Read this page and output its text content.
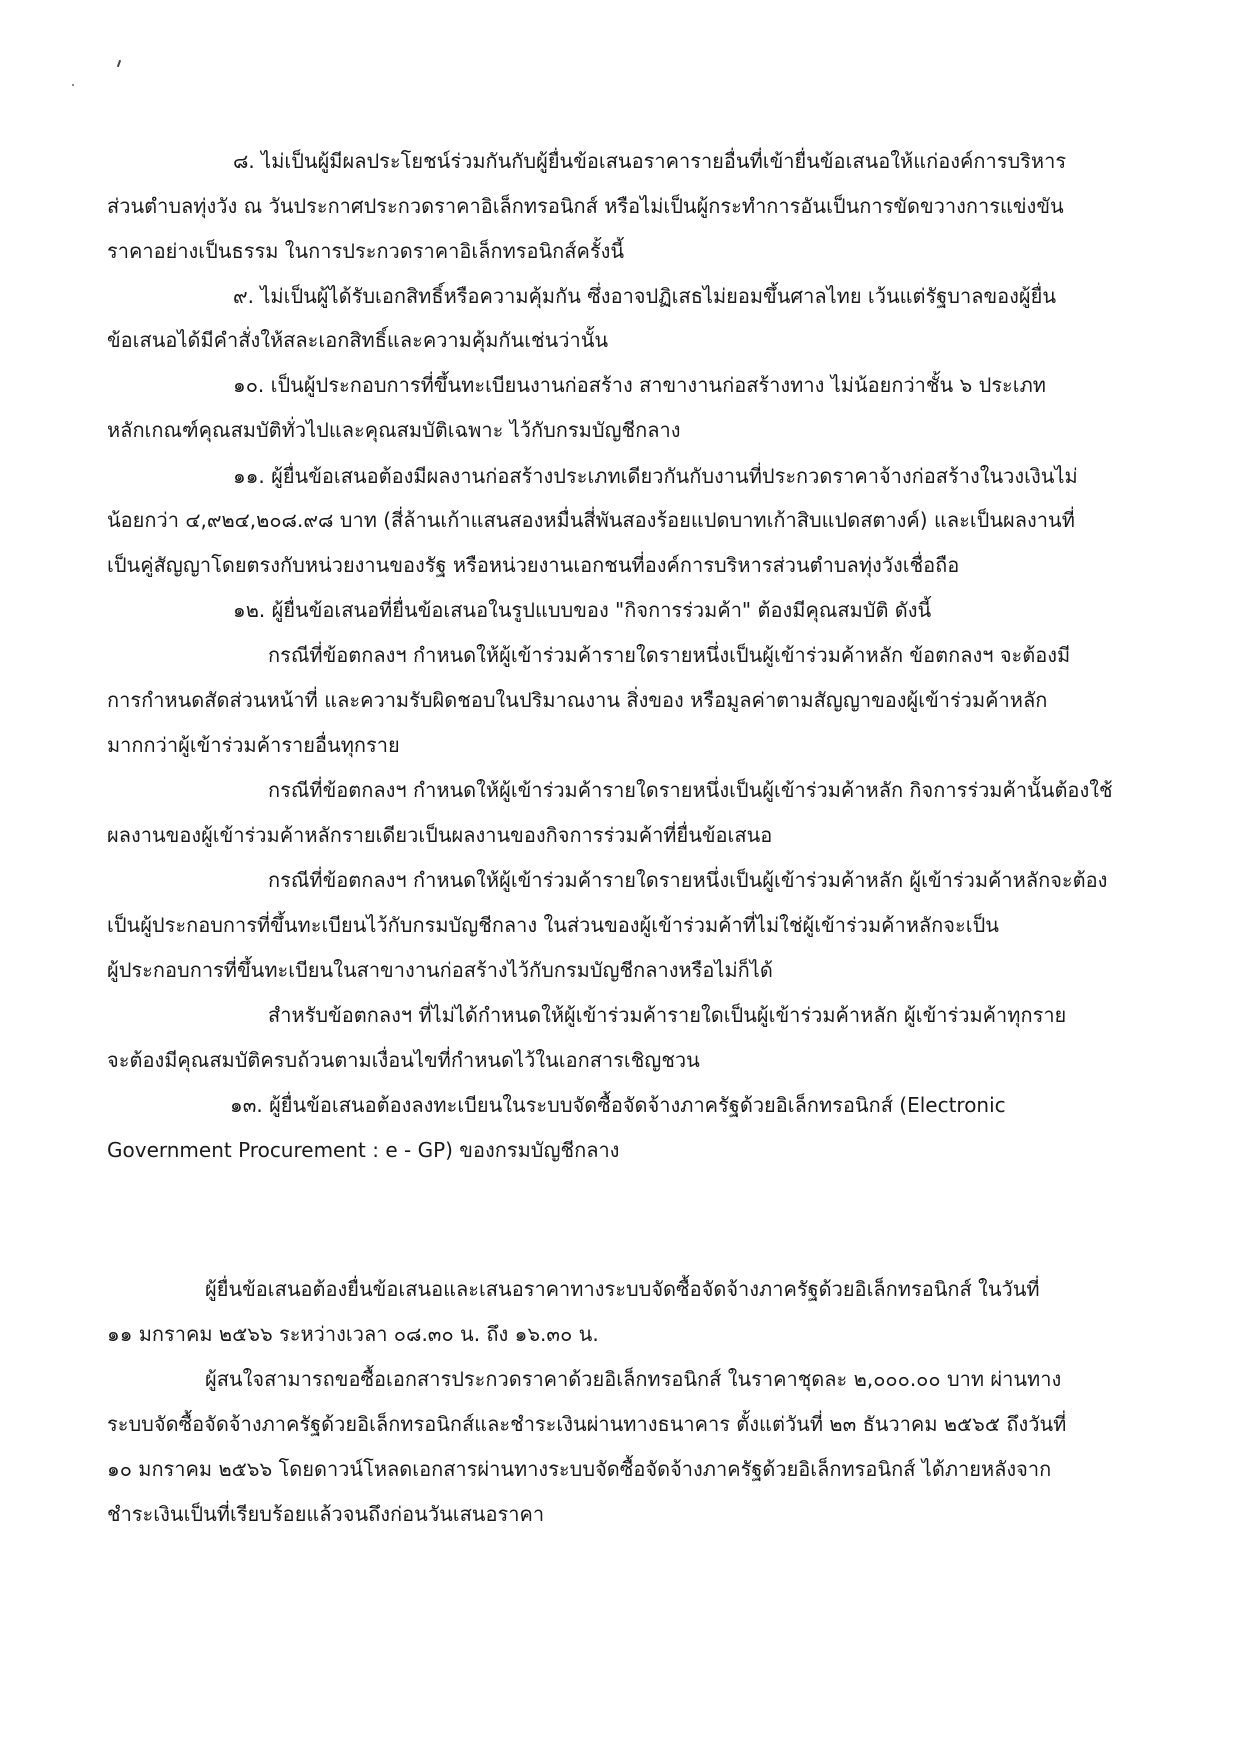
๘. ไม่เป็นผู้มีผลประโยชน์ร่วมกันกับผู้ยื่นข้อเสนอราคารายอื่นที่เข้ายื่นข้อเสนอให้แก่องค์การบริหาร
ส่วนตำบลทุ่งวัง ณ วันประกาศประกวดราคาอิเล็กทรอนิกส์ หรือไม่เป็นผู้กระทำการอันเป็นการขัดขวางการแข่งขัน
ราคาอย่างเป็นธรรม ในการประกวดราคาอิเล็กทรอนิกส์ครั้งนี้
๙. ไม่เป็นผู้ได้รับเอกสิทธิ์หรือความคุ้มกัน ซึ่งอาจปฏิเสธไม่ยอมขึ้นศาลไทย เว้นแต่รัฐบาลของผู้ยื่น
ข้อเสนอได้มีคำสั่งให้สละเอกสิทธิ์และความคุ้มกันเช่นว่านั้น
๑๐. เป็นผู้ประกอบการที่ขึ้นทะเบียนงานก่อสร้าง สาขางานก่อสร้างทาง ไม่น้อยกว่าชั้น ๖ ประเภท
หลักเกณฑ์คุณสมบัติทั่วไปและคุณสมบัติเฉพาะ ไว้กับกรมบัญชีกลาง
๑๑. ผู้ยื่นข้อเสนอต้องมีผลงานก่อสร้างประเภทเดียวกันกับงานที่ประกวดราคาจ้างก่อสร้างในวงเงินไม่
น้อยกว่า ๔,๙๒๔,๒๐๘.๙๘ บาท (สี่ล้านเก้าแสนสองหมื่นสี่พันสองร้อยแปดบาทเก้าสิบแปดสตางค์) และเป็นผลงานที่
เป็นคู่สัญญาโดยตรงกับหน่วยงานของรัฐ หรือหน่วยงานเอกชนที่องค์การบริหารส่วนตำบลทุ่งวังเชื่อถือ
๑๒. ผู้ยื่นข้อเสนอที่ยื่นข้อเสนอในรูปแบบของ "กิจการร่วมค้า" ต้องมีคุณสมบัติ ดังนี้
กรณีที่ข้อตกลงฯ กำหนดให้ผู้เข้าร่วมค้ารายใดรายหนึ่งเป็นผู้เข้าร่วมค้าหลัก ข้อตกลงฯ จะต้องมี
การกำหนดสัดส่วนหน้าที่ และความรับผิดชอบในปริมาณงาน สิ่งของ หรือมูลค่าตามสัญญาของผู้เข้าร่วมค้าหลัก
มากกว่าผู้เข้าร่วมค้ารายอื่นทุกราย
กรณีที่ข้อตกลงฯ กำหนดให้ผู้เข้าร่วมค้ารายใดรายหนึ่งเป็นผู้เข้าร่วมค้าหลัก กิจการร่วมค้านั้นต้องใช้
ผลงานของผู้เข้าร่วมค้าหลักรายเดียวเป็นผลงานของกิจการร่วมค้าที่ยื่นข้อเสนอ
กรณีที่ข้อตกลงฯ กำหนดให้ผู้เข้าร่วมค้ารายใดรายหนึ่งเป็นผู้เข้าร่วมค้าหลัก ผู้เข้าร่วมค้าหลักจะต้อง
เป็นผู้ประกอบการที่ขึ้นทะเบียนไว้กับกรมบัญชีกลาง ในส่วนของผู้เข้าร่วมค้าที่ไม่ใช่ผู้เข้าร่วมค้าหลักจะเป็น
ผู้ประกอบการที่ขึ้นทะเบียนในสาขางานก่อสร้างไว้กับกรมบัญชีกลางหรือไม่ก็ได้
สำหรับข้อตกลงฯ ที่ไม่ได้กำหนดให้ผู้เข้าร่วมค้ารายใดเป็นผู้เข้าร่วมค้าหลัก ผู้เข้าร่วมค้าทุกราย
จะต้องมีคุณสมบัติครบถ้วนตามเงื่อนไขที่กำหนดไว้ในเอกสารเชิญชวน
๑๓. ผู้ยื่นข้อเสนอต้องลงทะเบียนในระบบจัดซื้อจัดจ้างภาครัฐด้วยอิเล็กทรอนิกส์ (Electronic
Government Procurement : e - GP) ของกรมบัญชีกลาง
ผู้ยื่นข้อเสนอต้องยื่นข้อเสนอและเสนอราคาทางระบบจัดซื้อจัดจ้างภาครัฐด้วยอิเล็กทรอนิกส์ ในวันที่
๑๑ มกราคม ๒๕๖๖ ระหว่างเวลา ๐๘.๓๐ น. ถึง ๑๖.๓๐ น.
ผู้สนใจสามารถขอซื้อเอกสารประกวดราคาด้วยอิเล็กทรอนิกส์ ในราคาชุดละ ๒,๐๐๐.๐๐ บาท ผ่านทาง
ระบบจัดซื้อจัดจ้างภาครัฐด้วยอิเล็กทรอนิกส์และชำระเงินผ่านทางธนาคาร ตั้งแต่วันที่ ๒๓ ธันวาคม ๒๕๖๕ ถึงวันที่
๑๐ มกราคม ๒๕๖๖ โดยดาวน์โหลดเอกสารผ่านทางระบบจัดซื้อจัดจ้างภาครัฐด้วยอิเล็กทรอนิกส์ ได้ภายหลังจาก
ชำระเงินเป็นที่เรียบร้อยแล้วจนถึงก่อนวันเสนอราคา
